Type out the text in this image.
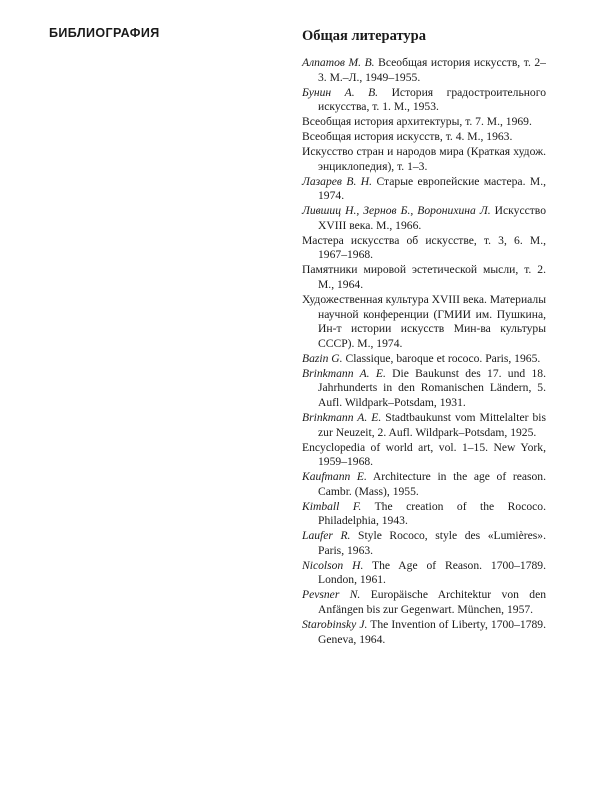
БИБЛИОГРАФИЯ	Общая литература
Алпатов М. В. Всеобщая история искусств, т. 2–3. М.–Л., 1949–1955.
Бунин А. В. История градостроительного искусства, т. 1. М., 1953.
Всеобщая история архитектуры, т. 7. М., 1969.
Всеобщая история искусств, т. 4. М., 1963.
Искусство стран и народов мира (Краткая худож. энциклопедия), т. 1–3.
Лазарев В. Н. Старые европейские мастера. М., 1974.
Лившиц Н., Зернов Б., Воронихина Л. Искусство XVIII века. М., 1966.
Мастера искусства об искусстве, т. 3, 6. М., 1967–1968.
Памятники мировой эстетической мысли, т. 2. М., 1964.
Художественная культура XVIII века. Материалы научной конференции (ГМИИ им. Пушкина, Ин-т истории искусств Мин-ва культуры СССР). М., 1974.
Bazin G. Classique, baroque et rococo. Paris, 1965.
Brinkmann A. E. Die Baukunst des 17. und 18. Jahrhunderts in den Romanischen Ländern, 5. Aufl. Wildpark–Potsdam, 1931.
Brinkmann A. E. Stadtbaukunst vom Mittelalter bis zur Neuzeit, 2. Aufl. Wildpark–Potsdam, 1925.
Encyclopedia of world art, vol. 1–15. New York, 1959–1968.
Kaufmann E. Architecture in the age of reason. Cambr. (Mass), 1955.
Kimball F. The creation of the Rococo. Philadelphia, 1943.
Laufer R. Style Rococo, style des «Lumières». Paris, 1963.
Nicolson H. The Age of Reason. 1700–1789. London, 1961.
Pevsner N. Europäische Architektur von den Anfängen bis zur Gegenwart. München, 1957.
Starobinsky J. The Invention of Liberty, 1700–1789. Geneva, 1964.
